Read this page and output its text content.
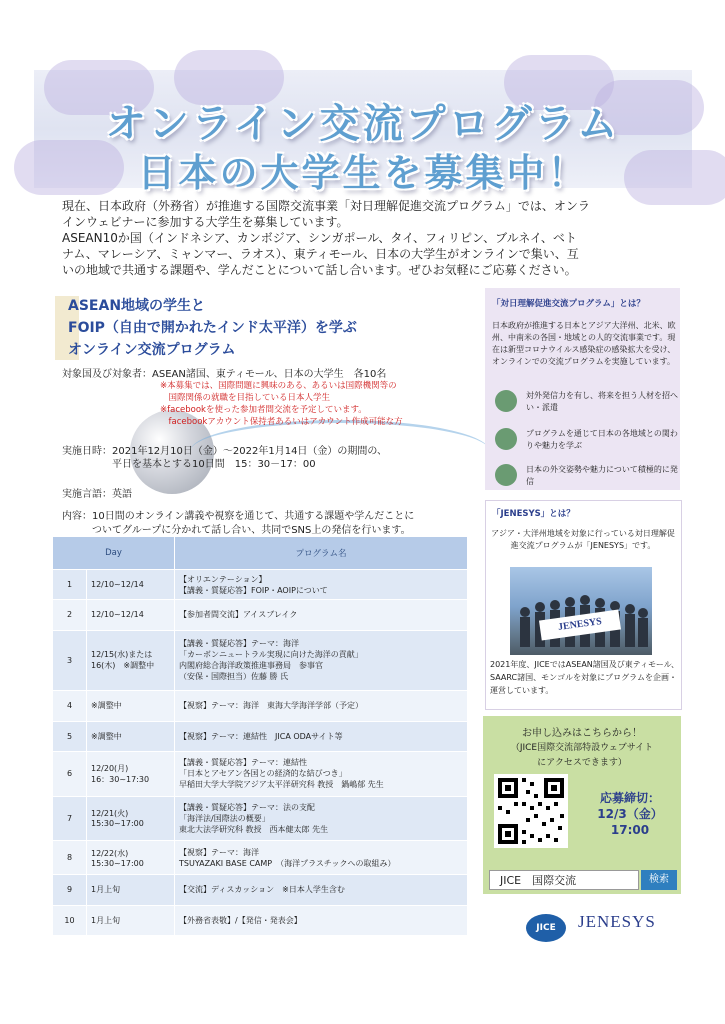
オンライン交流プログラム
日本の大学生を募集中！
現在、日本政府（外務省）が推進する国際交流事業「対日理解促進交流プログラム」では、オンラ
インウェビナーに参加する大学生を募集しています。
ASEAN10か国（インドネシア、カンボジア、シンガポール、タイ、フィリピン、ブルネイ、ベト
ナム、マレーシア、ミャンマー、ラオス）、東ティモール、日本の大学生がオンラインで集い、互
いの地域で共通する課題や、学んだことについて話し合います。ぜひお気軽にご応募ください。
ASEAN地域の学生と
FOIP（自由で開かれたインド太平洋）を学ぶ
オンライン交流プログラム
対象国及び対象者：ASEAN諸国、東ティモール、日本の大学生　各10名
※本募集では、国際問題に興味のある、あるいは国際機関等の
　国際関係の就職を目指している日本人学生
※facebookを使った参加者間交流を予定しています。
　facebookアカウント保持者あるいはアカウント作成可能な方
実施日時：2021年12月10日（金）〜2022年1月14日（金）の期間の、
　　　　　平日を基本とする10日間　15：30－17：00
実施言語：英語
内容：10日間のオンライン講義や視察を通じて、共通する課題や学んだことに
　　　ついてグループに分かれて話し合い、共同でSNS上の発信を行います。
Day		プログラム名
1	12/10~12/14	【オリエンテーション】
【講義・質疑応答】FOIP・AOIPについて
2	12/10~12/14	【参加者間交流】アイスブレイク
3	12/15(水)または
16(木)　※調整中	【講義・質疑応答】テーマ：海洋
「カーボンニュートラル実現に向けた海洋の貢献」
内閣府総合海洋政策推進事務局　参事官
（安保・国際担当）佐藤 勝 氏
4	※調整中	【視察】テーマ：海洋　東海大学海洋学部（予定）
5	※調整中	【視察】テーマ：連結性　JICA ODAサイト等
6	12/20(月)
16：30~17:30	【講義・質疑応答】テーマ：連結性
「日本とアセアン各国との経済的な結びつき」
早稲田大学大学院アジア太平洋研究科 教授　鍋嶋郁 先生
7	12/21(火)
15:30~17:00	【講義・質疑応答】テーマ：法の支配
「海洋法/国際法の概要」
東北大法学研究科 教授　西本健太郎 先生
8	12/22(水)
15:30~17:00	【視察】テーマ：海洋
TSUYAZAKI BASE CAMP　（海洋プラスチックへの取組み）
9	1月上旬	【交流】ディスカッション　※日本人学生含む
10	1月上旬	【外務省表敬】/【発信・発表会】
「対日理解促進交流プログラム」とは？
日本政府が推進する日本とアジア大洋州、北米、欧州、中南米の各国・地域との人的交流事業です。現在は新型コロナウイルス感染症の感染拡大を受け、オンラインでの交流プログラムを実施しています。
対外発信力を有し、将来を担う人材を招へい・派遣
プログラムを通じて日本の各地域との関わりや魅力を学ぶ
日本の外交姿勢や魅力について積極的に発信
「JENESYS」とは？
アジア・大洋州地域を対象に行っている対日理解促進交流プログラムが「JENESYS」です。
JENESYS
2021年度、JICEではASEAN諸国及び東ティモール、SAARC諸国、モンゴルを対象にプログラムを企画・運営しています。
お申し込みはこちらから！
（JICE国際交流部特設ウェブサイト
にアクセスできます）
応募締切：
12/3（金）
17:00
JICE　国際交流	検索
JICE	JENESYS
